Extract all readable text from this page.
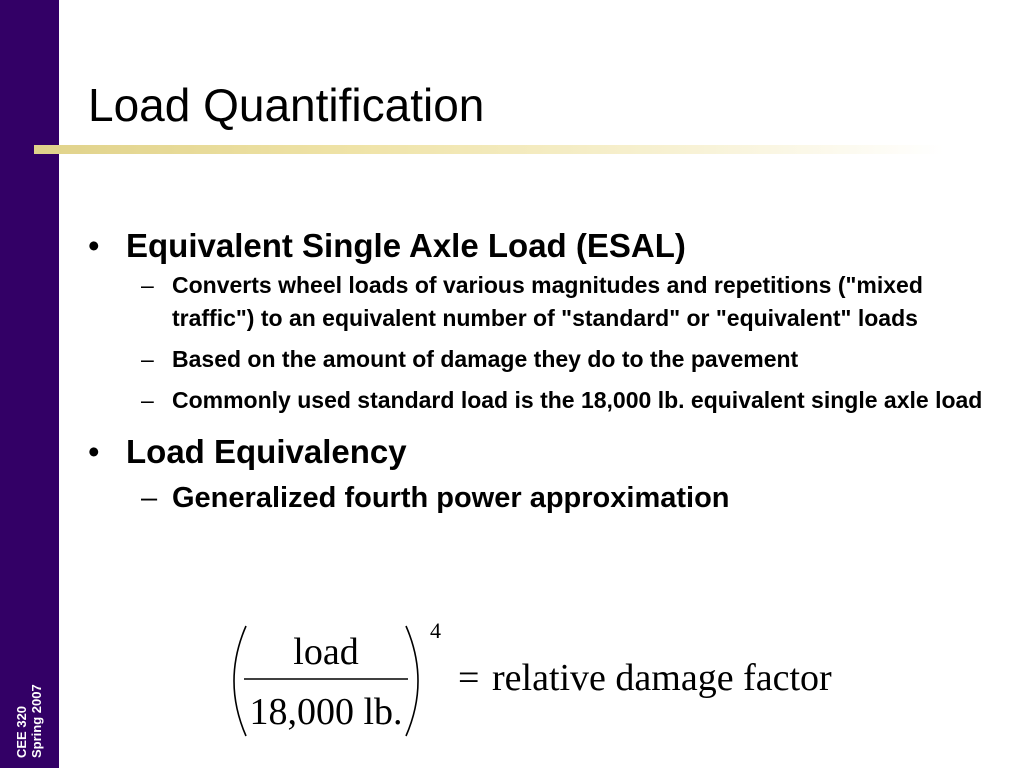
CEE 320 Spring 2007
Load Quantification
• Equivalent Single Axle Load (ESAL)
– Converts wheel loads of various magnitudes and repetitions ("mixed traffic") to an equivalent number of "standard" or "equivalent" loads
– Based on the amount of damage they do to the pavement
– Commonly used standard load is the 18,000 lb. equivalent single axle load
• Load Equivalency
– Generalized fourth power approximation
load
18,000 lb.
4
= relative damage factor
